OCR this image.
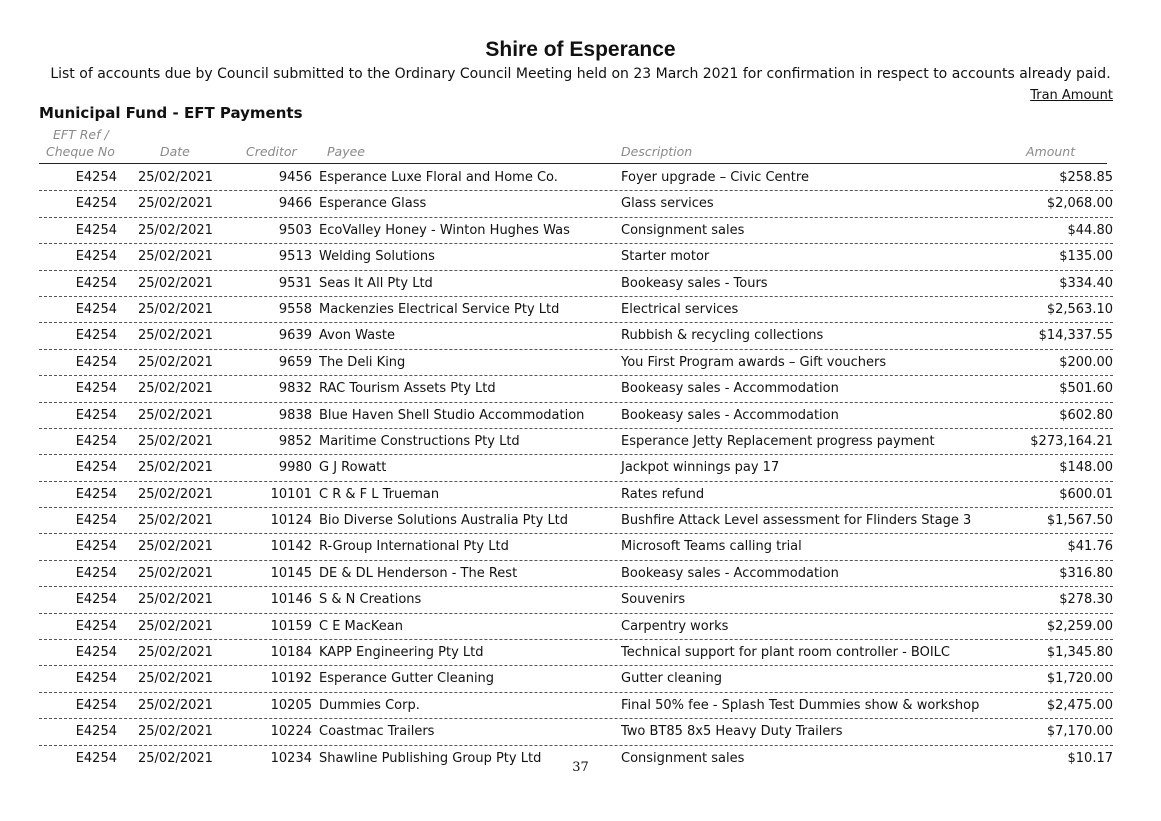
Shire of Esperance
List of accounts due by Council submitted to the Ordinary Council Meeting held on 23 March 2021 for confirmation in respect to accounts already paid.
Tran Amount
Municipal Fund - EFT Payments
EFT Ref /
Cheque No	Date	Creditor Payee	Description	Amount
E4254 25/02/2021	9456 Esperance Luxe Floral and Home Co.	Foyer upgrade – Civic Centre	$258.85
E4254 25/02/2021	9466 Esperance Glass	Glass services	$2,068.00
E4254 25/02/2021	9503 EcoValley Honey - Winton Hughes Was	Consignment sales	$44.80
E4254 25/02/2021	9513 Welding Solutions	Starter motor	$135.00
E4254 25/02/2021	9531 Seas It All Pty Ltd	Bookeasy sales - Tours	$334.40
E4254 25/02/2021	9558 Mackenzies Electrical Service Pty Ltd	Electrical services	$2,563.10
E4254 25/02/2021	9639 Avon Waste	Rubbish & recycling collections	$14,337.55
E4254 25/02/2021	9659 The Deli King	You First Program awards – Gift vouchers	$200.00
E4254 25/02/2021	9832 RAC Tourism Assets Pty Ltd	Bookeasy sales - Accommodation	$501.60
E4254 25/02/2021	9838 Blue Haven Shell Studio Accommodation	Bookeasy sales - Accommodation	$602.80
E4254 25/02/2021	9852 Maritime Constructions Pty Ltd	Esperance Jetty Replacement progress payment	$273,164.21
E4254 25/02/2021	9980 G J Rowatt	Jackpot winnings pay 17	$148.00
E4254 25/02/2021	10101 C R & F L Trueman	Rates refund	$600.01
E4254 25/02/2021	10124 Bio Diverse Solutions Australia Pty Ltd	Bushfire Attack Level assessment for Flinders Stage 3	$1,567.50
E4254 25/02/2021	10142 R-Group International Pty Ltd	Microsoft Teams calling trial	$41.76
E4254 25/02/2021	10145 DE & DL Henderson - The Rest	Bookeasy sales - Accommodation	$316.80
E4254 25/02/2021	10146 S & N Creations	Souvenirs	$278.30
E4254 25/02/2021	10159 C E MacKean	Carpentry works	$2,259.00
E4254 25/02/2021	10184 KAPP Engineering Pty Ltd	Technical support for plant room controller - BOILC	$1,345.80
E4254 25/02/2021	10192 Esperance Gutter Cleaning	Gutter cleaning	$1,720.00
E4254 25/02/2021	10205 Dummies Corp.	Final 50% fee - Splash Test Dummies show & workshop	$2,475.00
E4254 25/02/2021	10224 Coastmac Trailers	Two BT85 8x5 Heavy Duty Trailers	$7,170.00
E4254 25/02/2021	10234 Shawline Publishing Group Pty Ltd	Consignment sales	$10.17
37
